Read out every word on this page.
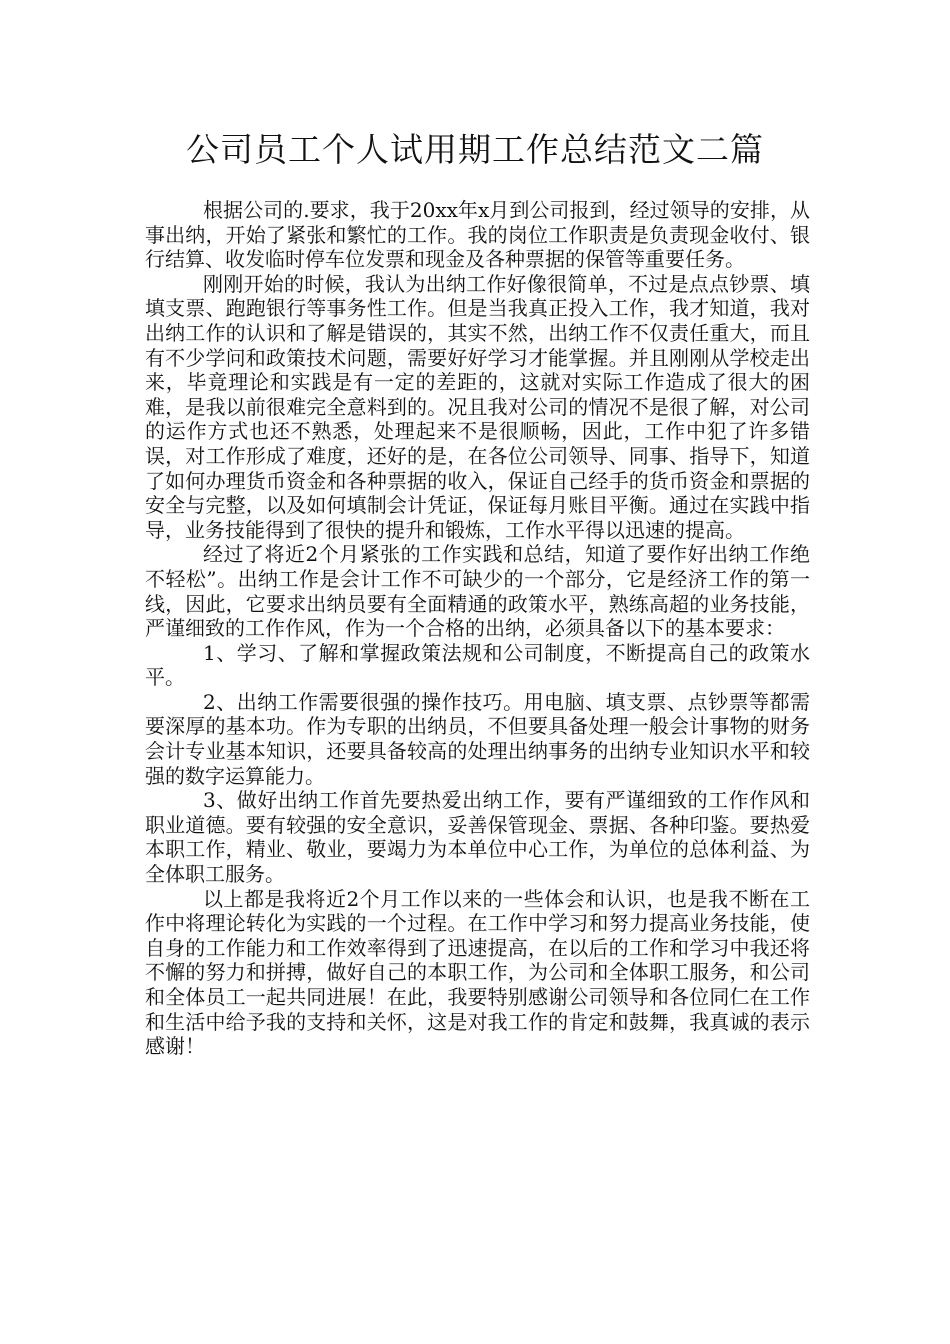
公司员工个人试用期工作总结范文二篇

根据公司的.要求，我于20xx年x月到公司报到，经过领导的安排，从事出纳，开始了紧张和繁忙的工作。我的岗位工作职责是负责现金收付、银行结算、收发临时停车位发票和现金及各种票据的保管等重要任务。

刚刚开始的时候，我认为出纳工作好像很简单，不过是点点钞票、填填支票、跑跑银行等事务性工作。但是当我真正投入工作，我才知道，我对出纳工作的认识和了解是错误的，其实不然，出纳工作不仅责任重大，而且有不少学问和政策技术问题，需要好好学习才能掌握。并且刚刚从学校走出来，毕竟理论和实践是有一定的差距的，这就对实际工作造成了很大的困难，是我以前很难完全意料到的。况且我对公司的情况不是很了解，对公司的运作方式也还不熟悉，处理起来不是很顺畅，因此，工作中犯了许多错误，对工作形成了难度，还好的是，在各位公司领导、同事、指导下，知道了如何办理货币资金和各种票据的收入，保证自己经手的货币资金和票据的安全与完整，以及如何填制会计凭证，保证每月账目平衡。通过在实践中指导，业务技能得到了很快的提升和锻炼，工作水平得以迅速的提高。

经过了将近2个月紧张的工作实践和总结，知道了要作好出纳工作绝不轻松”。出纳工作是会计工作不可缺少的一个部分，它是经济工作的第一线，因此，它要求出纳员要有全面精通的政策水平，熟练高超的业务技能，严谨细致的工作作风，作为一个合格的出纳，必须具备以下的基本要求：

1、学习、了解和掌握政策法规和公司制度，不断提高自己的政策水平。

2、出纳工作需要很强的操作技巧。用电脑、填支票、点钞票等都需要深厚的基本功。作为专职的出纳员，不但要具备处理一般会计事物的财务会计专业基本知识，还要具备较高的处理出纳事务的出纳专业知识水平和较强的数字运算能力。

3、做好出纳工作首先要热爱出纳工作，要有严谨细致的工作作风和职业道德。要有较强的安全意识，妥善保管现金、票据、各种印鉴。要热爱本职工作，精业、敬业，要竭力为本单位中心工作，为单位的总体利益、为全体职工服务。

以上都是我将近2个月工作以来的一些体会和认识，也是我不断在工作中将理论转化为实践的一个过程。在工作中学习和努力提高业务技能，使自身的工作能力和工作效率得到了迅速提高，在以后的工作和学习中我还将不懈的努力和拼搏，做好自己的本职工作，为公司和全体职工服务，和公司和全体员工一起共同进展！在此，我要特别感谢公司领导和各位同仁在工作和生活中给予我的支持和关怀，这是对我工作的肯定和鼓舞，我真诚的表示感谢！
